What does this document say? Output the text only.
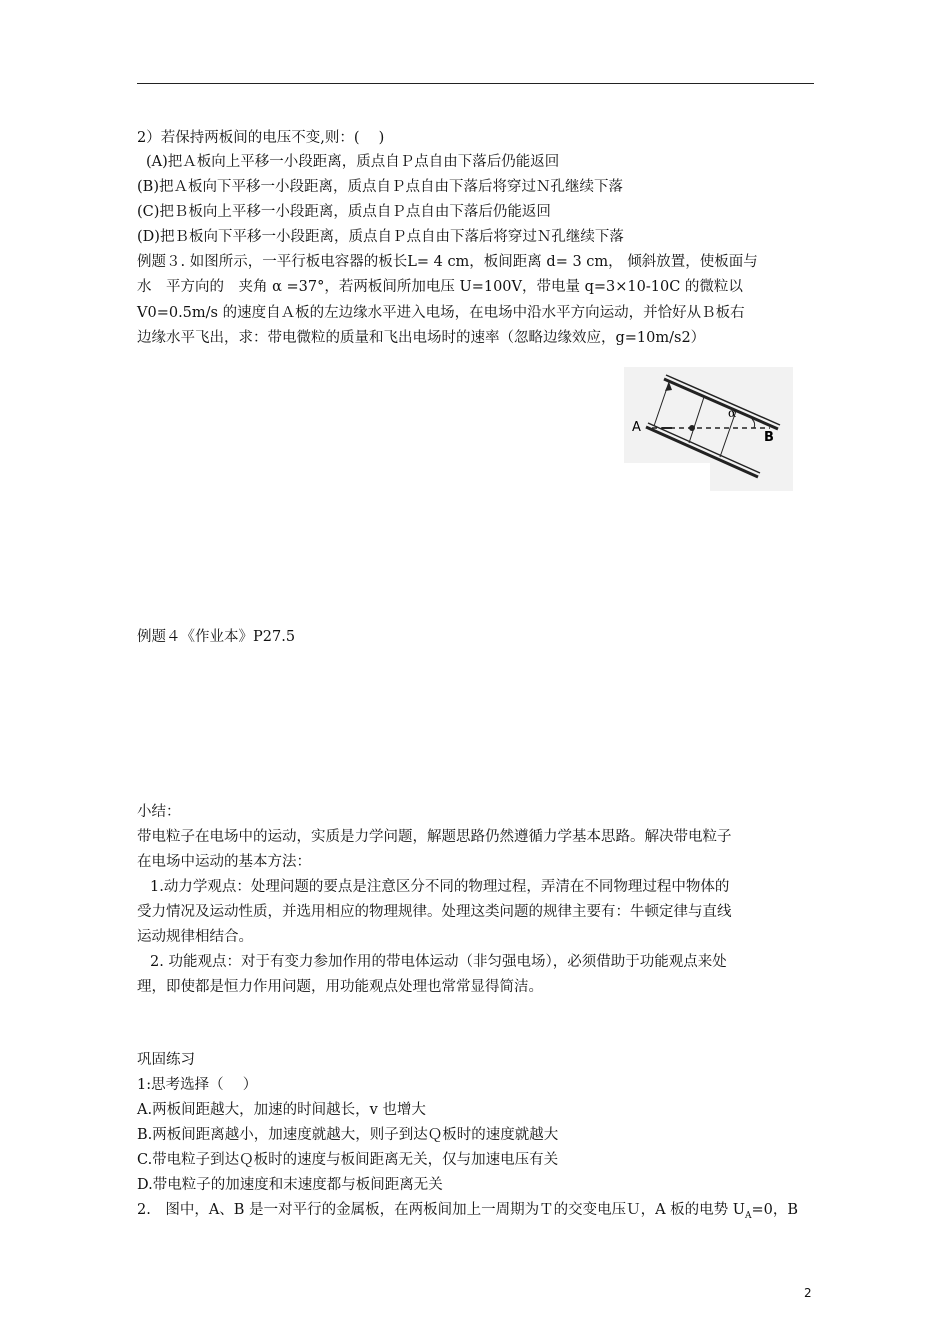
2）若保持两板间的电压不变,则：(　 )
(A)把Ａ板向上平移一小段距离，质点自Ｐ点自由下落后仍能返回
(B)把Ａ板向下平移一小段距离，质点自Ｐ点自由下落后将穿过Ｎ孔继续下落
(C)把Ｂ板向上平移一小段距离，质点自Ｐ点自由下落后仍能返回
(D)把Ｂ板向下平移一小段距离，质点自Ｐ点自由下落后将穿过Ｎ孔继续下落
例题３. 如图所示，一平行板电容器的板长L= 4 cm，板间距离 d= 3 cm， 倾斜放置，使板面与
水　平方向的　夹角 α =37°，若两板间所加电压 U=100V，带电量 q=3×10-10C 的微粒以
V0=0.5m/s 的速度自Ａ板的左边缘水平进入电场，在电场中沿水平方向运动，并恰好从Ｂ板右
边缘水平飞出，求：带电微粒的质量和飞出电场时的速率（忽略边缘效应，g=10m/s2）
A
B
α
例题４《作业本》P27.5
小结：
带电粒子在电场中的运动，实质是力学问题，解题思路仍然遵循力学基本思路。解决带电粒子
在电场中运动的基本方法：
1.动力学观点：处理问题的要点是注意区分不同的物理过程，弄清在不同物理过程中物体的
受力情况及运动性质，并选用相应的物理规律。处理这类问题的规律主要有：牛顿定律与直线
运动规律相结合。
2. 功能观点：对于有变力参加作用的带电体运动（非匀强电场），必须借助于功能观点来处
理，即使都是恒力作用问题，用功能观点处理也常常显得简洁。
巩固练习
1:思考选择（　 ）
A.两板间距越大，加速的时间越长，v 也增大
B.两板间距离越小，加速度就越大，则子到达Ｑ板时的速度就越大
C.带电粒子到达Ｑ板时的速度与板间距离无关，仅与加速电压有关
D.带电粒子的加速度和末速度都与板间距离无关
2.　图中，A、B 是一对平行的金属板，在两板间加上一周期为Ｔ的交变电压Ｕ，A 板的电势 $U_A=0$，B
2
